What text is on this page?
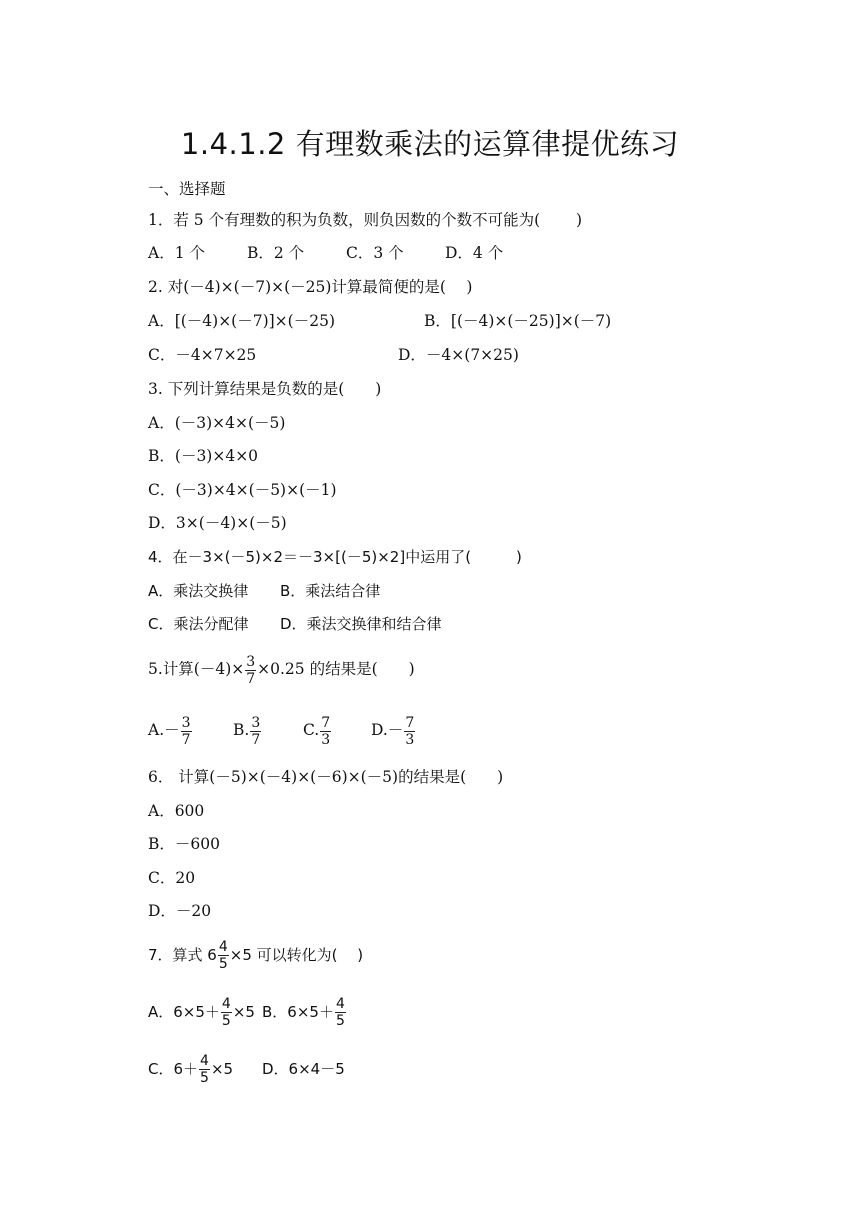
1.4.1.2 有理数乘法的运算律提优练习
一、选择题
1．若 5 个有理数的积为负数，则负因数的个数不可能为(　　 )
A．1 个	B．2 个	C．3 个	D．4 个
2. 对(－4)×(－7)×(－25)计算最简便的是(　 )
A．[(－4)×(－7)]×(－25)	B．[(－4)×(－25)]×(－7)
C．－4×7×25	D．－4×(7×25)
3. 下列计算结果是负数的是(　　)
A．(－3)×4×(－5)
B．(－3)×4×0
C．(－3)×4×(－5)×(－1)
D．3×(－4)×(－5)
4．在－3×(－5)×2＝－3×[(－5)×2]中运用了(　　　)
A．乘法交换律 B．乘法结合律
C．乘法分配律 D．乘法交换律和结合律
5.计算$(-4)\times \frac{3}{7} \times 0.25$ 的结果是(　　)
$A.- \frac{3}{7}$	B. $\frac{3}{7}$	C. $\frac{7}{3}$	$D.- \frac{7}{3}$
6． 计算(－5)×(－4)×(－6)×(－5)的结果是(　　)
A．600
B．－600
C．20
D．－20
7．算式 $6 \frac{4}{5} \times 5$ 可以转化为(　 )
A．$6\times 5+ \frac{4}{5} \times 5$ B．$6\times 5+ \frac{4}{5}$
C．$6+ \frac{4}{5} \times 5$ D．6×4－5
